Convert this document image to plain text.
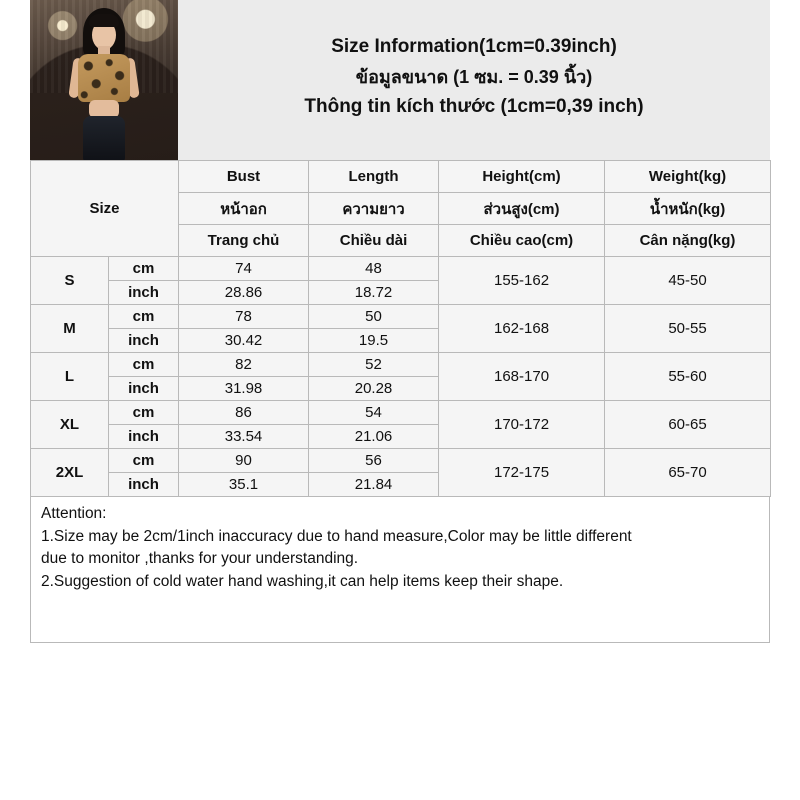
Size Information(1cm=0.39inch)
ข้อมูลขนาด (1 ซม. = 0.39 นิ้ว)
Thông tin kích thước (1cm=0,39 inch)
Size		Bust	Length	Height(cm)	Weight(kg)
		หน้าอก	ความยาว	ส่วนสูง(cm)	น้ำหนัก(kg)
		Trang chủ	Chiều dài	Chiều cao(cm)	Cân nặng(kg)
S	cm	74	48	155-162	45-50
	inch	28.86	18.72		
M	cm	78	50	162-168	50-55
	inch	30.42	19.5		
L	cm	82	52	168-170	55-60
	inch	31.98	20.28		
XL	cm	86	54	170-172	60-65
	inch	33.54	21.06		
2XL	cm	90	56	172-175	65-70
	inch	35.1	21.84		

Attention:

1.Size may be 2cm/1inch inaccuracy due to hand measure,Color may be little different

due to monitor ,thanks for your understanding.

2.Suggestion of cold water hand washing,it can help items keep their shape.
